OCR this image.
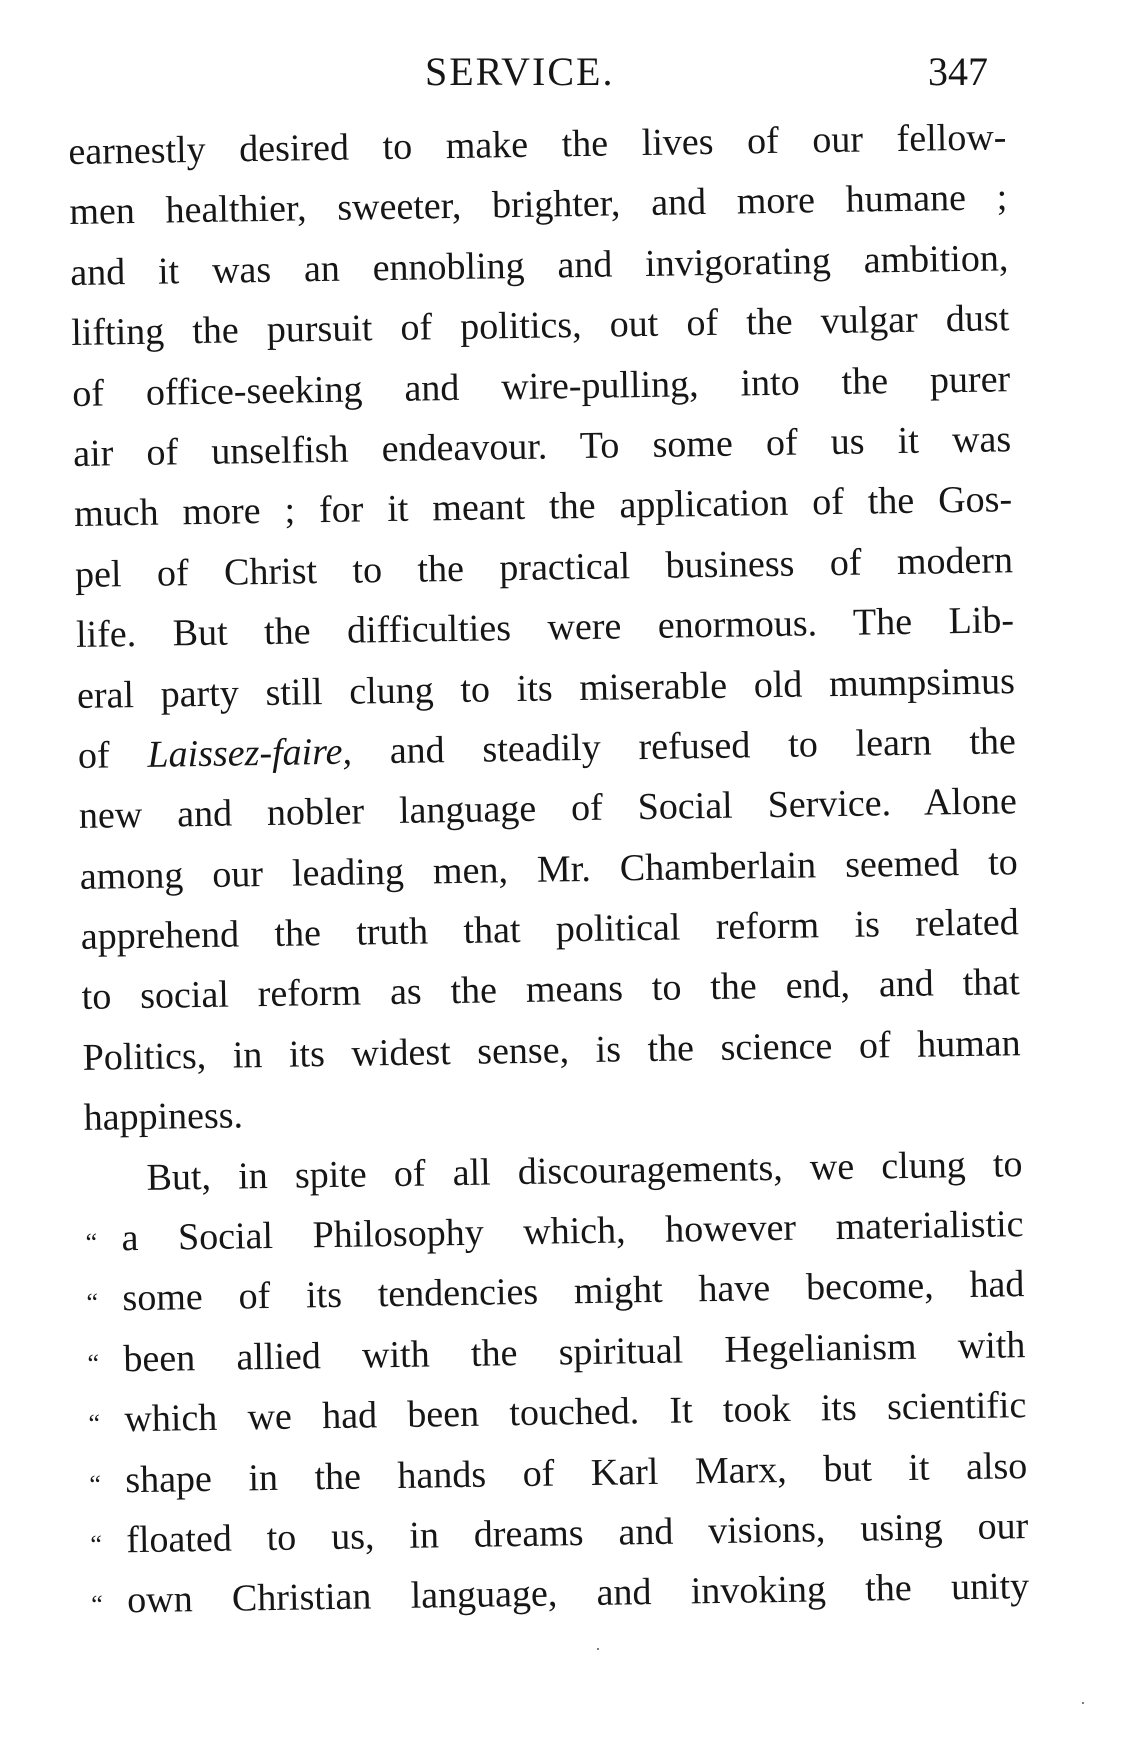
SERVICE.	347
earnestly desired to make the lives of our fellow-
men healthier, sweeter, brighter, and more humane ;
and it was an ennobling and invigorating ambition,
lifting the pursuit of politics, out of the vulgar dust
of office-seeking and wire-pulling, into the purer
air of unselfish endeavour. To some of us it was
much more ; for it meant the application of the Gos-
pel of Christ to the practical business of modern
life. But the difficulties were enormous. The Lib-
eral party still clung to its miserable old mumpsimus
of Laissez-faire, and steadily refused to learn the
new and nobler language of Social Service. Alone
among our leading men, Mr. Chamberlain seemed to
apprehend the truth that political reform is related
to social reform as the means to the end, and that
Politics, in its widest sense, is the science of human
happiness.
But, in spite of all discouragements, we clung to
“ a Social Philosophy which, however materialistic
“ some of its tendencies might have become, had
“ been allied with the spiritual Hegelianism with
“ which we had been touched. It took its scientific
“ shape in the hands of Karl Marx, but it also
“ floated to us, in dreams and visions, using our
“ own Christian language, and invoking the unity
